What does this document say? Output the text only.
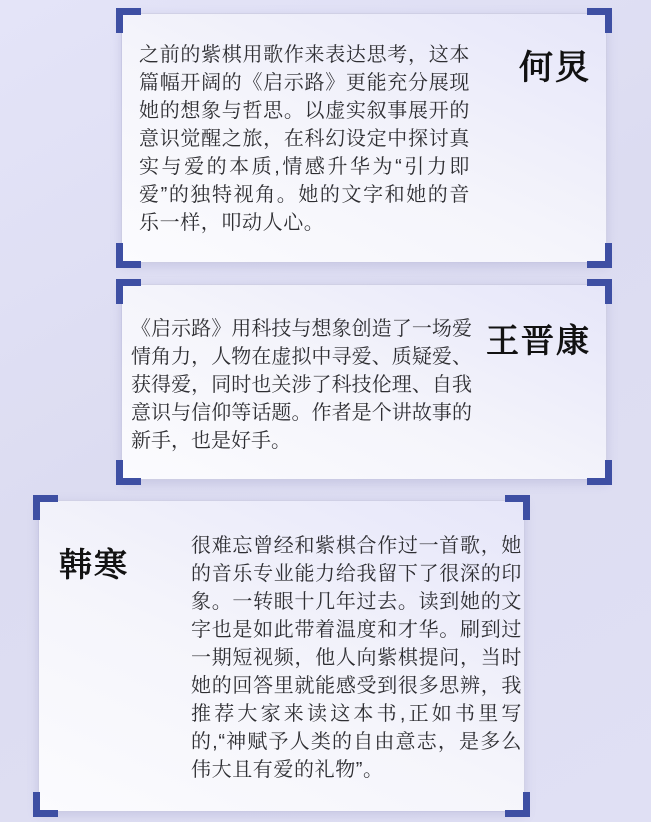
之前的紫棋用歌作来表达思考，这本篇幅开阔的《启示路》更能充分展现她的想象与哲思。以虚实叙事展开的意识觉醒之旅，在科幻设定中探讨真实与爱的本质,情感升华为“引力即爱”的独特视角。她的文字和她的音乐一样，叩动人心。
何炅
《启示路》用科技与想象创造了一场爱情角力，人物在虚拟中寻爱、质疑爱、获得爱，同时也关涉了科技伦理、自我意识与信仰等话题。作者是个讲故事的新手，也是好手。
王晋康
韩寒	很难忘曾经和紫棋合作过一首歌，她的音乐专业能力给我留下了很深的印象。一转眼十几年过去。读到她的文字也是如此带着温度和才华。刷到过一期短视频，他人向紫棋提问，当时她的回答里就能感受到很多思辨，我推荐大家来读这本书,正如书里写的,“神赋予人类的自由意志，是多么伟大且有爱的礼物”。
